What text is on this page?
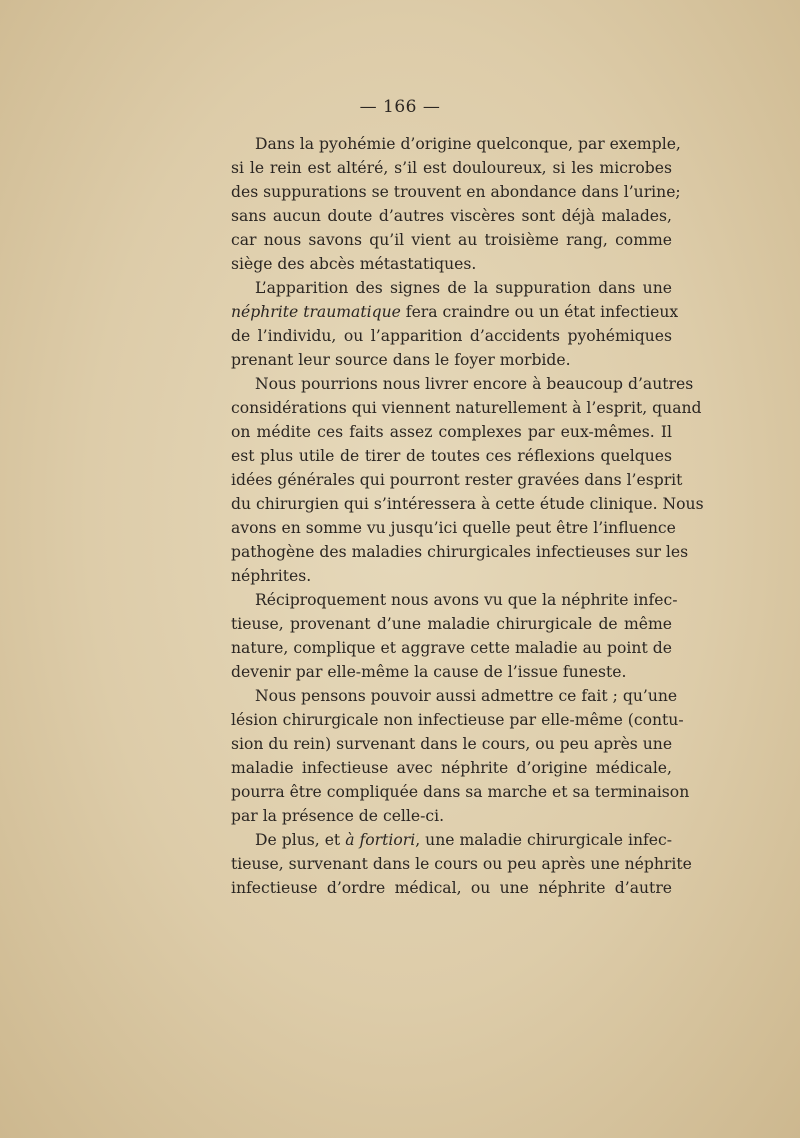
— 166 —
Dans la pyohémie d’origine quelconque, par exemple,
si le rein est altéré, s’il est douloureux, si les microbes
des suppurations se trouvent en abondance dans l’urine;
sans aucun doute d’autres viscères sont déjà malades,
car nous savons qu’il vient au troisième rang, comme
siège des abcès métastatiques.
L’apparition des signes de la suppuration dans une
néphrite traumatique fera craindre ou un état infectieux
de l’individu, ou l’apparition d’accidents pyohémiques
prenant leur source dans le foyer morbide.
Nous pourrions nous livrer encore à beaucoup d’autres
considérations qui viennent naturellement à l’esprit, quand
on médite ces faits assez complexes par eux-mêmes. Il
est plus utile de tirer de toutes ces réflexions quelques
idées générales qui pourront rester gravées dans l’esprit
du chirurgien qui s’intéressera à cette étude clinique. Nous
avons en somme vu jusqu’ici quelle peut être l’influence
pathogène des maladies chirurgicales infectieuses sur les
néphrites.
Réciproquement nous avons vu que la néphrite infec-
tieuse, provenant d’une maladie chirurgicale de même
nature, complique et aggrave cette maladie au point de
devenir par elle-même la cause de l’issue funeste.
Nous pensons pouvoir aussi admettre ce fait ; qu’une
lésion chirurgicale non infectieuse par elle-même (contu-
sion du rein) survenant dans le cours, ou peu après une
maladie infectieuse avec néphrite d’origine médicale,
pourra être compliquée dans sa marche et sa terminaison
par la présence de celle-ci.
De plus, et à fortiori, une maladie chirurgicale infec-
tieuse, survenant dans le cours ou peu après une néphrite
infectieuse d’ordre médical, ou une néphrite d’autre
